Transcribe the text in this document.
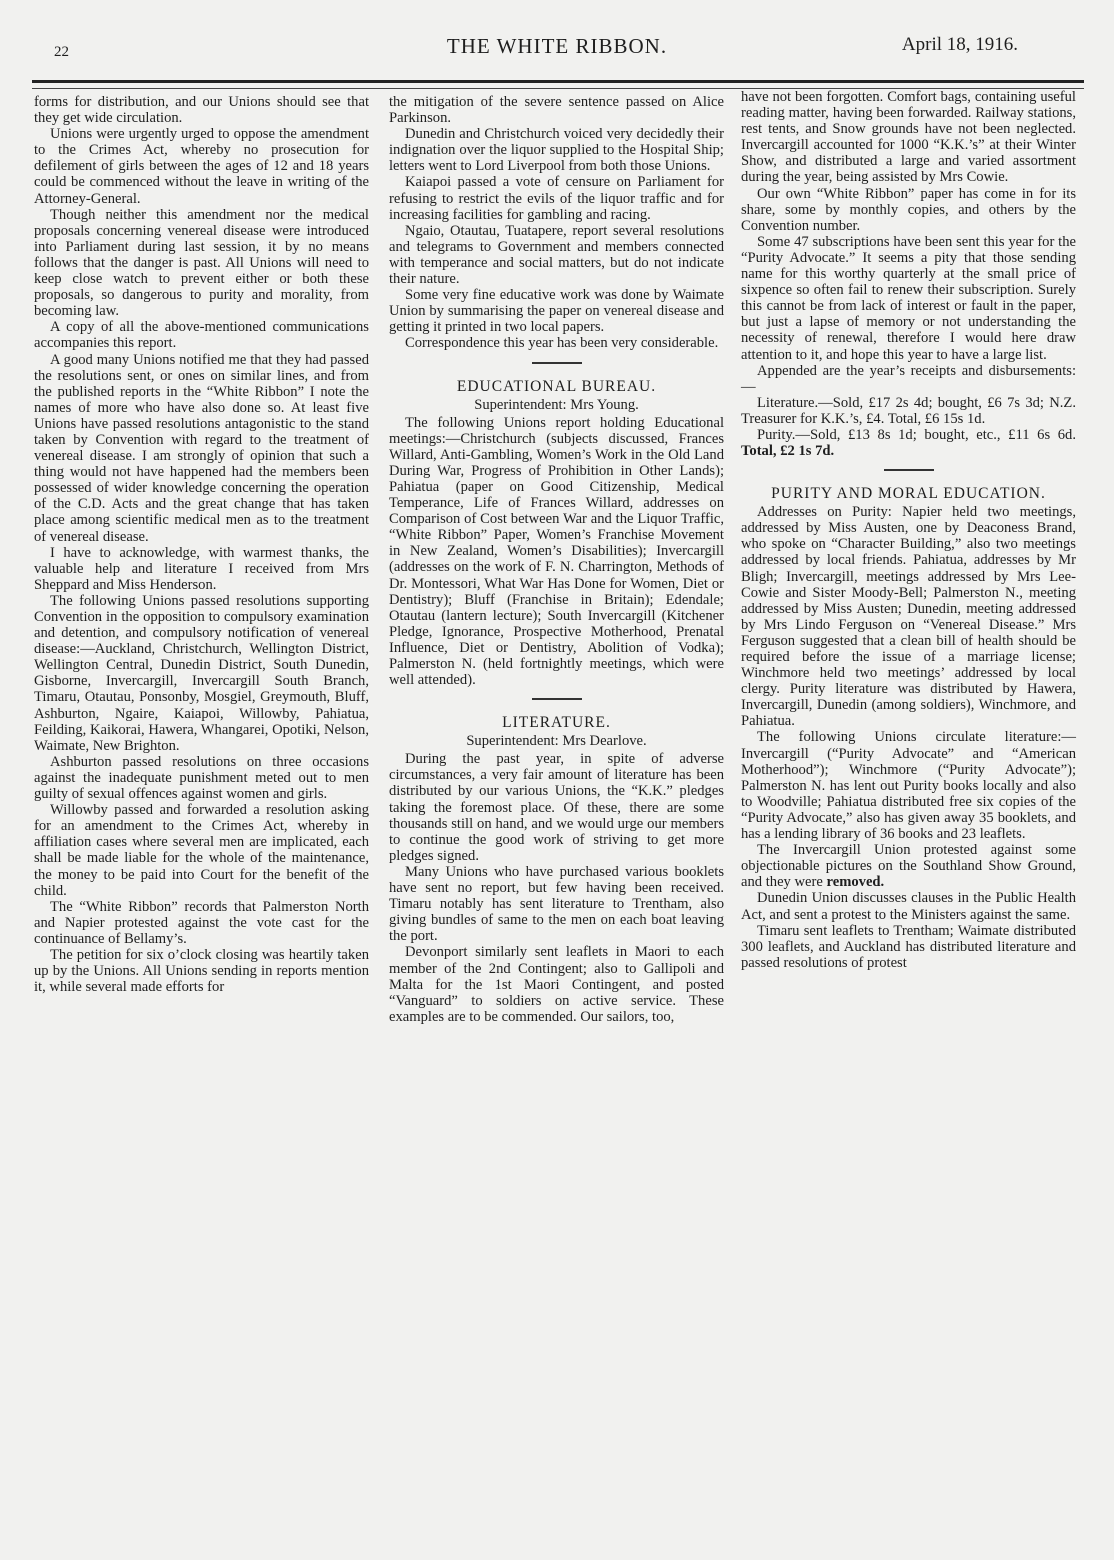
22	THE WHITE RIBBON.	April 18, 1916.

forms for distribution, and our Unions should see that they get wide circulation.

Unions were urgently urged to oppose the amendment to the Crimes Act, whereby no prosecution for defilement of girls between the ages of 12 and 18 years could be commenced without the leave in writing of the Attorney-General.

Though neither this amendment nor the medical proposals concerning venereal disease were introduced into Parliament during last session, it by no means follows that the danger is past. All Unions will need to keep close watch to prevent either or both these proposals, so dangerous to purity and morality, from becoming law.

A copy of all the above-mentioned communications accompanies this report.

A good many Unions notified me that they had passed the resolutions sent, or ones on similar lines, and from the published reports in the “White Ribbon” I note the names of more who have also done so. At least five Unions have passed resolutions antagonistic to the stand taken by Convention with regard to the treatment of venereal disease. I am strongly of opinion that such a thing would not have happened had the members been possessed of wider knowledge concerning the operation of the C.D. Acts and the great change that has taken place among scientific medical men as to the treatment of venereal disease.

I have to acknowledge, with warmest thanks, the valuable help and literature I received from Mrs Sheppard and Miss Henderson.

The following Unions passed resolutions supporting Convention in the opposition to compulsory examination and detention, and compulsory notification of venereal disease:—Auckland, Christchurch, Wellington District, Wellington Central, Dunedin District, South Dunedin, Gisborne, Invercargill, Invercargill South Branch, Timaru, Otautau, Ponsonby, Mosgiel, Greymouth, Bluff, Ashburton, Ngaire, Kaiapoi, Willowby, Pahiatua, Feilding, Kaikorai, Hawera, Whangarei, Opotiki, Nelson, Waimate, New Brighton.

Ashburton passed resolutions on three occasions against the inadequate punishment meted out to men guilty of sexual offences against women and girls.

Willowby passed and forwarded a resolution asking for an amendment to the Crimes Act, whereby in affiliation cases where several men are implicated, each shall be made liable for the whole of the maintenance, the money to be paid into Court for the benefit of the child.

The “White Ribbon” records that Palmerston North and Napier protested against the vote cast for the continuance of Bellamy’s.

The petition for six o’clock closing was heartily taken up by the Unions. All Unions sending in reports mention it, while several made efforts for

the mitigation of the severe sentence passed on Alice Parkinson.

Dunedin and Christchurch voiced very decidedly their indignation over the liquor supplied to the Hospital Ship; letters went to Lord Liverpool from both those Unions.

Kaiapoi passed a vote of censure on Parliament for refusing to restrict the evils of the liquor traffic and for increasing facilities for gambling and racing.

Ngaio, Otautau, Tuatapere, report several resolutions and telegrams to Government and members connected with temperance and social matters, but do not indicate their nature.

Some very fine educative work was done by Waimate Union by summarising the paper on venereal disease and getting it printed in two local papers.

Correspondence this year has been very considerable.

EDUCATIONAL BUREAU.

Superintendent: Mrs Young.

The following Unions report holding Educational meetings:—Christchurch (subjects discussed, Frances Willard, Anti-Gambling, Women’s Work in the Old Land During War, Progress of Prohibition in Other Lands); Pahiatua (paper on Good Citizenship, Medical Temperance, Life of Frances Willard, addresses on Comparison of Cost between War and the Liquor Traffic, “White Ribbon” Paper, Women’s Franchise Movement in New Zealand, Women’s Disabilities); Invercargill (addresses on the work of F. N. Charrington, Methods of Dr. Montessori, What War Has Done for Women, Diet or Dentistry); Bluff (Franchise in Britain); Edendale; Otautau (lantern lecture); South Invercargill (Kitchener Pledge, Ignorance, Prospective Motherhood, Prenatal Influence, Diet or Dentistry, Abolition of Vodka); Palmerston N. (held fortnightly meetings, which were well attended).

LITERATURE.

Superintendent: Mrs Dearlove.

During the past year, in spite of adverse circumstances, a very fair amount of literature has been distributed by our various Unions, the “K.K.” pledges taking the foremost place. Of these, there are some thousands still on hand, and we would urge our members to continue the good work of striving to get more pledges signed.

Many Unions who have purchased various booklets have sent no report, but few having been received. Timaru notably has sent literature to Trentham, also giving bundles of same to the men on each boat leaving the port.

Devonport similarly sent leaflets in Maori to each member of the 2nd Contingent; also to Gallipoli and Malta for the 1st Maori Contingent, and posted “Vanguard” to soldiers on active service. These examples are to be commended. Our sailors, too,

have not been forgotten. Comfort bags, containing useful reading matter, having been forwarded. Railway stations, rest tents, and Snow grounds have not been neglected. Invercargill accounted for 1000 “K.K.’s” at their Winter Show, and distributed a large and varied assortment during the year, being assisted by Mrs Cowie.

Our own “White Ribbon” paper has come in for its share, some by monthly copies, and others by the Convention number.

Some 47 subscriptions have been sent this year for the “Purity Advocate.” It seems a pity that those sending name for this worthy quarterly at the small price of sixpence so often fail to renew their subscription. Surely this cannot be from lack of interest or fault in the paper, but just a lapse of memory or not understanding the necessity of renewal, therefore I would here draw attention to it, and hope this year to have a large list.

Appended are the year’s receipts and disbursements:—

Literature.—Sold, £17 2s 4d; bought, £6 7s 3d; N.Z. Treasurer for K.K.’s, £4. Total, £6 15s 1d.

Purity.—Sold, £13 8s 1d; bought, etc., £11 6s 6d. Total, £2 1s 7d.

PURITY AND MORAL EDUCATION.

Addresses on Purity: Napier held two meetings, addressed by Miss Austen, one by Deaconess Brand, who spoke on “Character Building,” also two meetings addressed by local friends. Pahiatua, addresses by Mr Bligh; Invercargill, meetings addressed by Mrs Lee-Cowie and Sister Moody-Bell; Palmerston N., meeting addressed by Miss Austen; Dunedin, meeting addressed by Mrs Lindo Ferguson on “Venereal Disease.” Mrs Ferguson suggested that a clean bill of health should be required before the issue of a marriage license; Winchmore held two meetings’ addressed by local clergy. Purity literature was distributed by Hawera, Invercargill, Dunedin (among soldiers), Winchmore, and Pahiatua.

The following Unions circulate literature:—Invercargill (“Purity Advocate” and “American Motherhood”); Winchmore (“Purity Advocate”); Palmerston N. has lent out Purity books locally and also to Woodville; Pahiatua distributed free six copies of the “Purity Advocate,” also has given away 35 booklets, and has a lending library of 36 books and 23 leaflets.

The Invercargill Union protested against some objectionable pictures on the Southland Show Ground, and they were removed.

Dunedin Union discusses clauses in the Public Health Act, and sent a protest to the Ministers against the same.

Timaru sent leaflets to Trentham; Waimate distributed 300 leaflets, and Auckland has distributed literature and passed resolutions of protest
